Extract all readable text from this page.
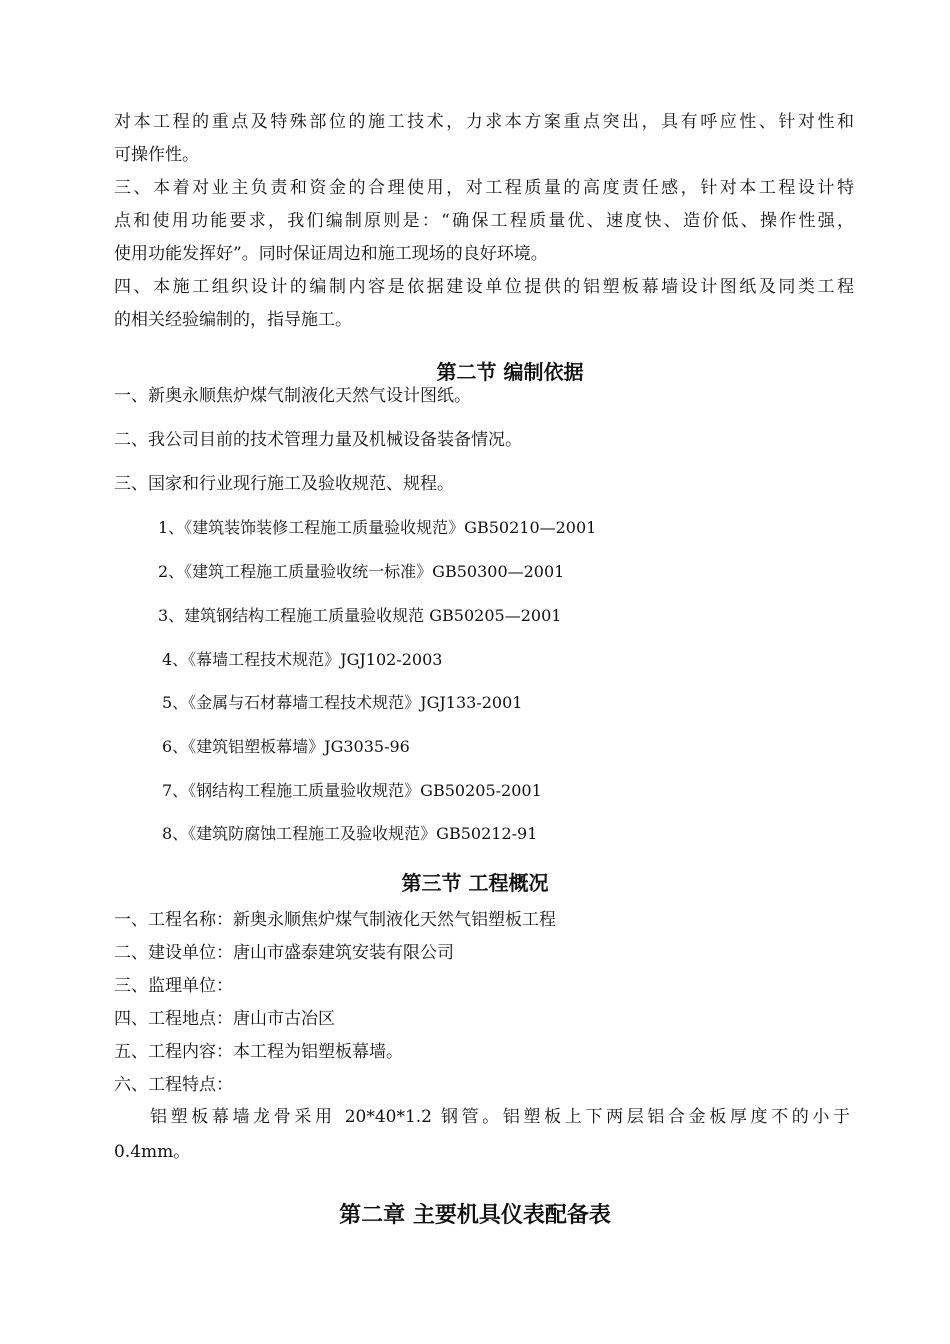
对本工程的重点及特殊部位的施工技术，力求本方案重点突出，具有呼应性、针对性和
可操作性。
三、本着对业主负责和资金的合理使用，对工程质量的高度责任感，针对本工程设计特
点和使用功能要求，我们编制原则是：“确保工程质量优、速度快、造价低、操作性强，
使用功能发挥好”。同时保证周边和施工现场的良好环境。
四、本施工组织设计的编制内容是依据建设单位提供的铝塑板幕墙设计图纸及同类工程
的相关经验编制的，指导施工。
第二节 编制依据
一、新奥永顺焦炉煤气制液化天然气设计图纸。
二、我公司目前的技术管理力量及机械设备装备情况。
三、国家和行业现行施工及验收规范、规程。
1、《建筑装饰装修工程施工质量验收规范》GB50210—2001
2、《建筑工程施工质量验收统一标准》GB50300—2001
3、建筑钢结构工程施工质量验收规范 GB50205—2001
4、《幕墙工程技术规范》JGJ102-2003
5、《金属与石材幕墙工程技术规范》JGJ133-2001
6、《建筑铝塑板幕墙》JG3035-96
7、《钢结构工程施工质量验收规范》GB50205-2001
8、《建筑防腐蚀工程施工及验收规范》GB50212-91
第三节 工程概况
一、工程名称：新奥永顺焦炉煤气制液化天然气铝塑板工程
二、建设单位：唐山市盛泰建筑安装有限公司
三、监理单位：
四、工程地点：唐山市古冶区
五、工程内容：本工程为铝塑板幕墙。
六、工程特点：
铝塑板幕墙龙骨采用 20*40*1.2 钢管。铝塑板上下两层铝合金板厚度不的小于
0.4mm。
第二章 主要机具仪表配备表
